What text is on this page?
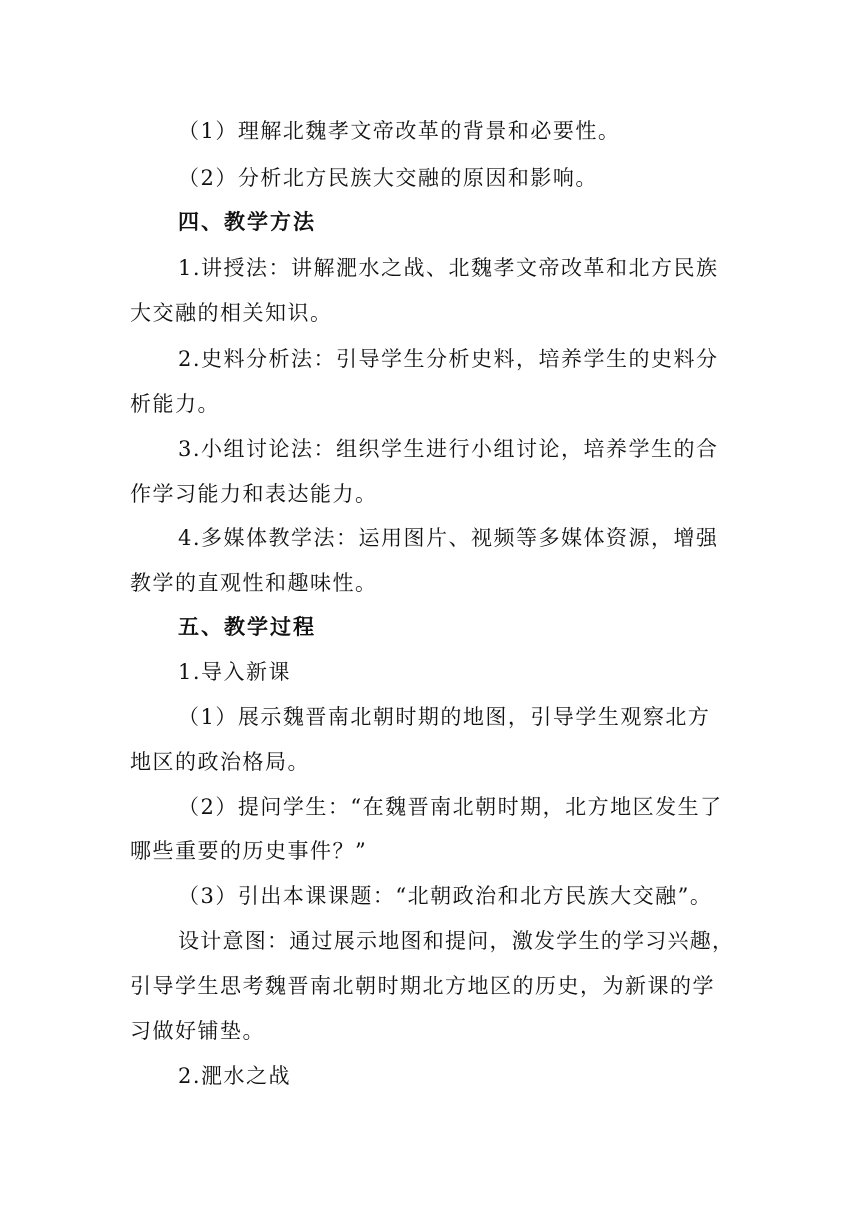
（1）理解北魏孝文帝改革的背景和必要性。
（2）分析北方民族大交融的原因和影响。
四、教学方法
1.讲授法：讲解淝水之战、北魏孝文帝改革和北方民族
大交融的相关知识。
2.史料分析法：引导学生分析史料，培养学生的史料分
析能力。
3.小组讨论法：组织学生进行小组讨论，培养学生的合
作学习能力和表达能力。
4.多媒体教学法：运用图片、视频等多媒体资源，增强
教学的直观性和趣味性。
五、教学过程
1.导入新课
（1）展示魏晋南北朝时期的地图，引导学生观察北方
地区的政治格局。
（2）提问学生：“在魏晋南北朝时期，北方地区发生了
哪些重要的历史事件？”
（3）引出本课课题：“北朝政治和北方民族大交融”。
设计意图：通过展示地图和提问，激发学生的学习兴趣，
引导学生思考魏晋南北朝时期北方地区的历史，为新课的学
习做好铺垫。
2.淝水之战
